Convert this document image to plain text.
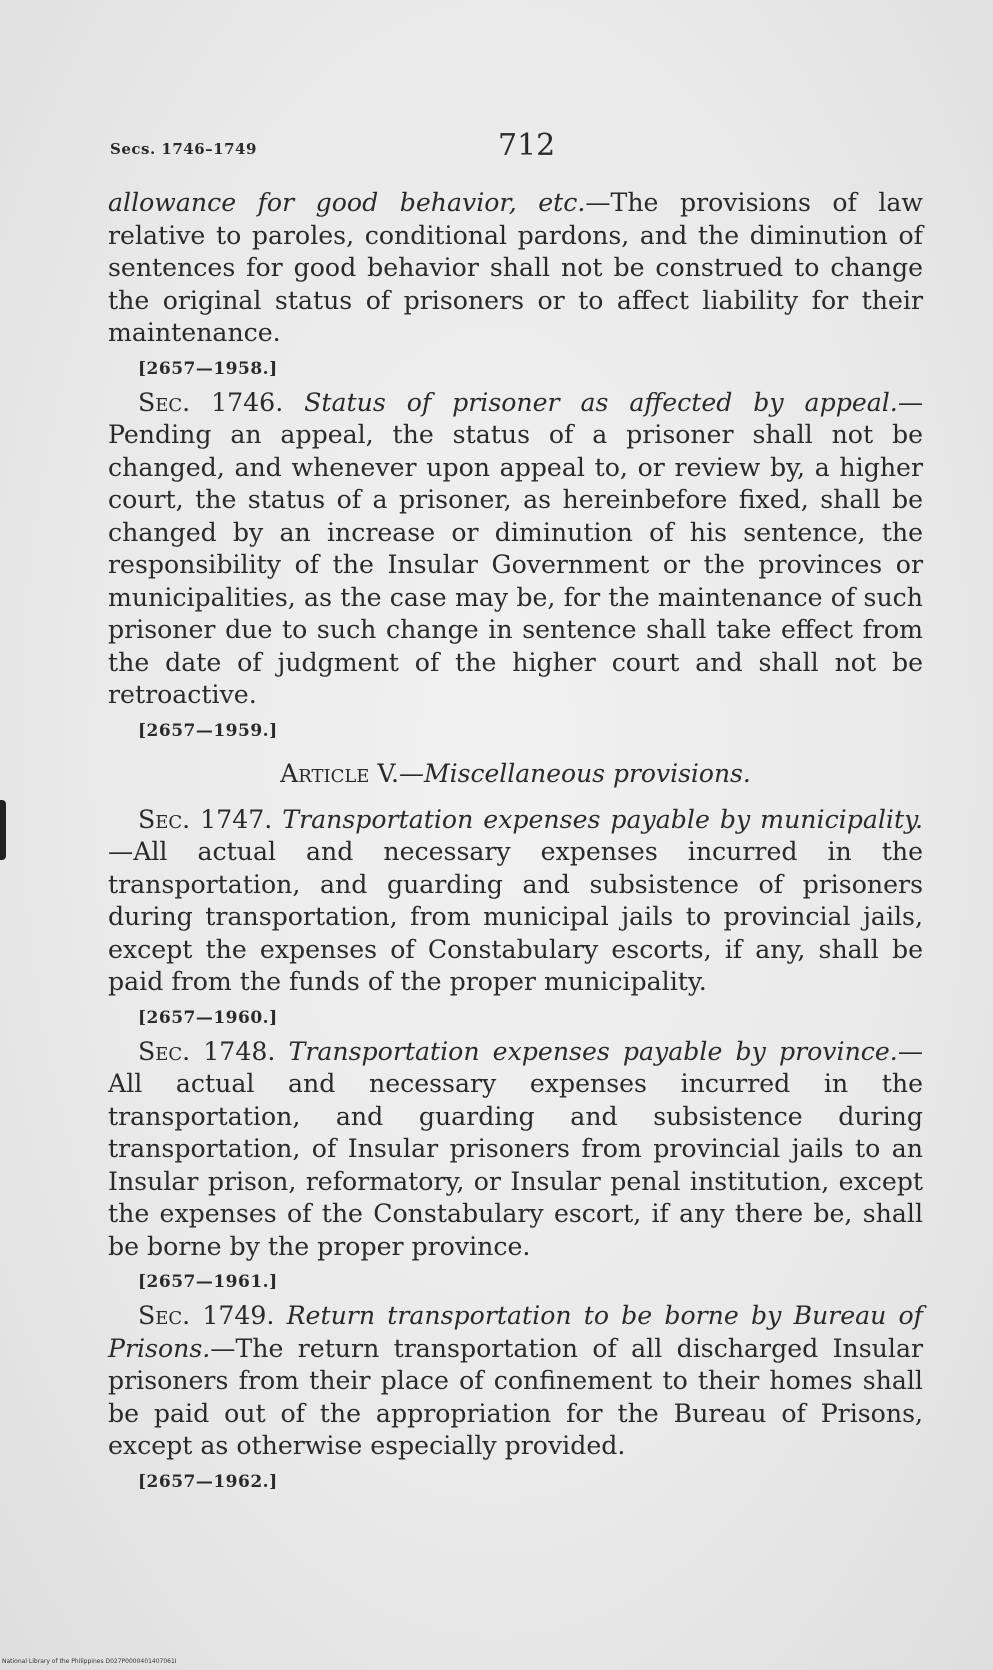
Secs. 1746–1749	712

allowance for good behavior, etc.—The provisions of law relative to paroles, conditional pardons, and the diminution of sentences for good behavior shall not be construed to change the original status of prisoners or to affect liability for their maintenance.

[2657—1958.]

Sec. 1746. Status of prisoner as affected by appeal.—Pending an appeal, the status of a prisoner shall not be changed, and whenever upon appeal to, or review by, a higher court, the status of a prisoner, as hereinbefore fixed, shall be changed by an increase or diminution of his sentence, the responsibility of the Insular Government or the provinces or municipalities, as the case may be, for the maintenance of such prisoner due to such change in sentence shall take effect from the date of judgment of the higher court and shall not be retroactive.

[2657—1959.]
Article V.—Miscellaneous provisions.

Sec. 1747. Transportation expenses payable by municipality.—All actual and necessary expenses incurred in the transportation, and guarding and subsistence of prisoners during transportation, from municipal jails to provincial jails, except the expenses of Constabulary escorts, if any, shall be paid from the funds of the proper municipality.

[2657—1960.]

Sec. 1748. Transportation expenses payable by province.—All actual and necessary expenses incurred in the transportation, and guarding and subsistence during transportation, of Insular prisoners from provincial jails to an Insular prison, reformatory, or Insular penal institution, except the expenses of the Constabulary escort, if any there be, shall be borne by the proper province.

[2657—1961.]

Sec. 1749. Return transportation to be borne by Bureau of Prisons.—The return transportation of all discharged Insular prisoners from their place of confinement to their homes shall be paid out of the appropriation for the Bureau of Prisons, except as otherwise especially provided.

[2657—1962.]
National Library of the Philippines D027P0000401407061I
